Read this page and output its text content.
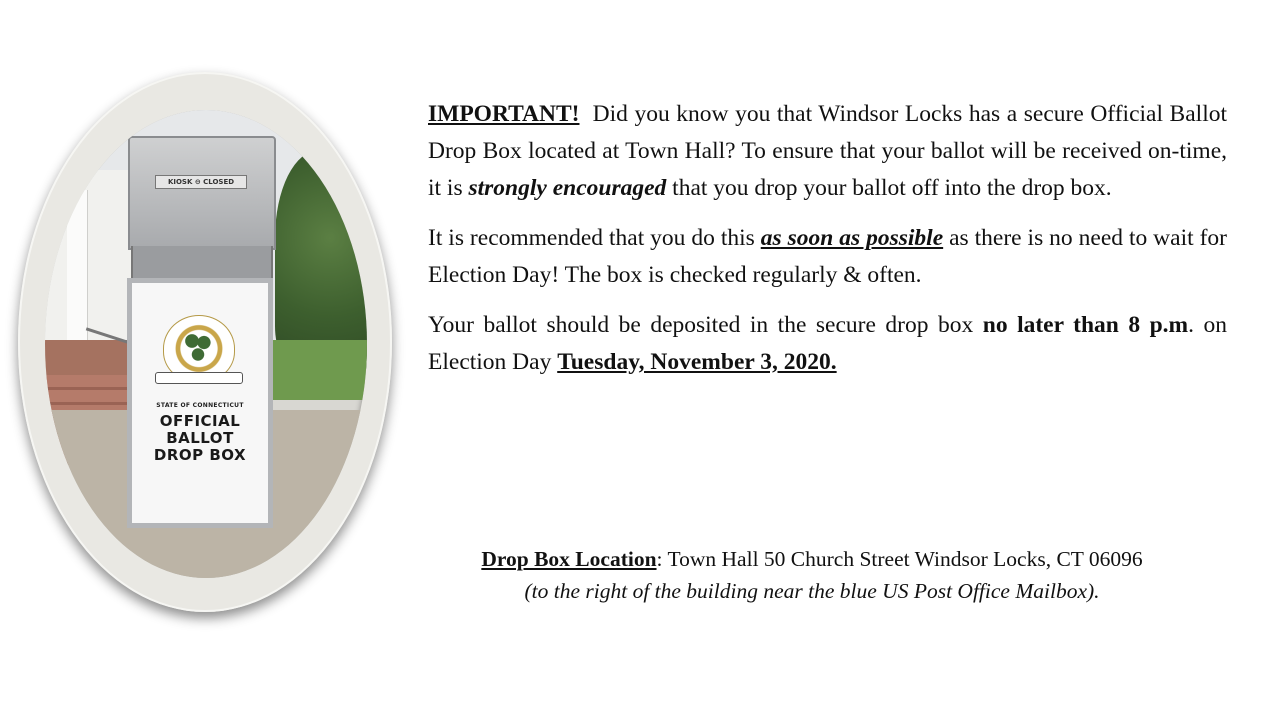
KIOSK ⊖ CLOSED
STATE OF CONNECTICUT
OFFICIAL
BALLOT
DROP BOX

IMPORTANT!  Did you know you that Windsor Locks has a secure Official Ballot Drop Box located at Town Hall? To ensure that your ballot will be received on-time, it is strongly encouraged that you drop your ballot off into the drop box.

It is recommended that you do this as soon as possible as there is no need to wait for Election Day! The box is checked regularly & often.

Your ballot should be deposited in the secure drop box no later than 8 p.m. on Election Day Tuesday, November 3, 2020.

Drop Box Location: Town Hall 50 Church Street Windsor Locks, CT 06096
(to the right of the building near the blue US Post Office Mailbox).
